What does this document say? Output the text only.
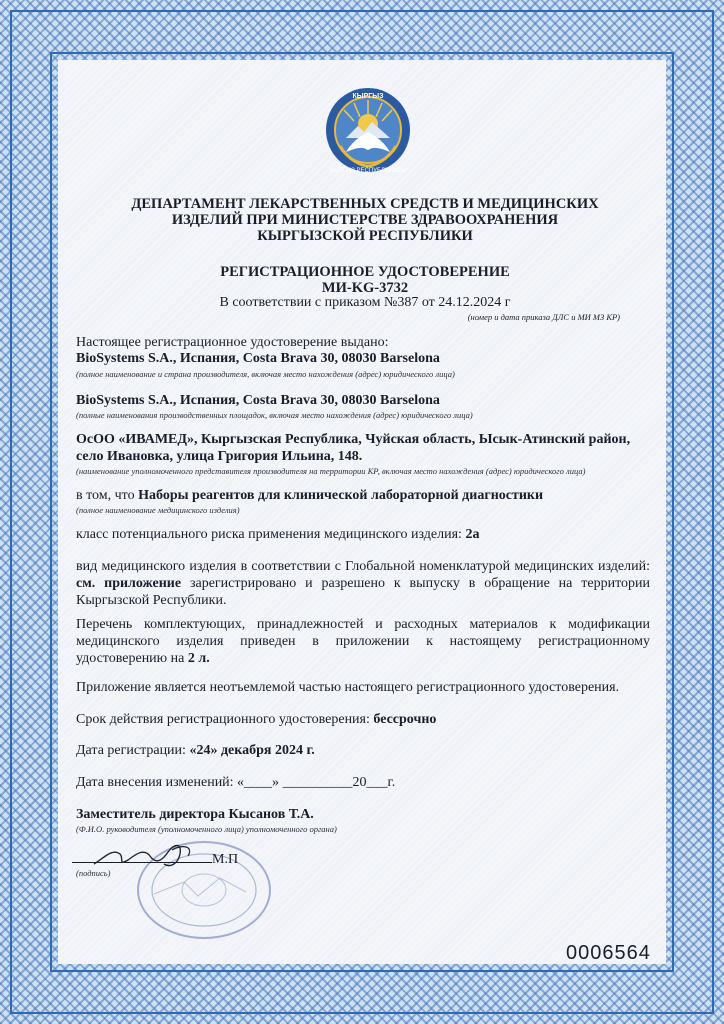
КЫРГЫЗ
КЫРГЫЗ РЕСПУБЛИКАСЫ
ДЕПАРТАМЕНТ ЛЕКАРСТВЕННЫХ СРЕДСТВ И МЕДИЦИНСКИХ
ИЗДЕЛИЙ ПРИ МИНИСТЕРСТВЕ ЗДРАВООХРАНЕНИЯ
КЫРГЫЗСКОЙ РЕСПУБЛИКИ
РЕГИСТРАЦИОННОЕ УДОСТОВЕРЕНИЕ
МИ-KG-3732
В соответствии с приказом №387 от 24.12.2024 г
(номер и дата приказа ДЛС и МИ МЗ КР)
Настоящее регистрационное удостоверение выдано:
BioSystems S.A., Испания, Costa Brava 30, 08030 Barselona
(полное наименование и страна производителя, включая место нахождения (адрес) юридического лица)
BioSystems S.A., Испания, Costa Brava 30, 08030 Barselona
(полные наименования производственных площадок, включая место нахождения (адрес) юридического лица)
ОсОО «ИВАМЕД», Кыргызская Республика, Чуйская область, Ысык-Атинский район,
село Ивановка, улица Григория Ильина, 148.
(наименование уполномоченного представителя производителя на территории КР, включая место нахождения (адрес) юридического лица)
в том, что Наборы реагентов для клинической лабораторной диагностики
(полное наименование медицинского изделия)
класс потенциального риска применения медицинского изделия: 2а
вид медицинского изделия в соответствии с Глобальной номенклатурой медицинских изделий: см. приложение зарегистрировано и разрешено к выпуску в обращение на территории Кыргызской Республики.
Перечень комплектующих, принадлежностей и расходных материалов к модификации медицинского изделия приведен в приложении к настоящему регистрационному удостоверению на 2 л.
Приложение является неотъемлемой частью настоящего регистрационного удостоверения.
Срок действия регистрационного удостоверения: бессрочно
Дата регистрации: «24» декабря 2024 г.
Дата внесения изменений: «____» __________20___г.
Заместитель директора Кысанов Т.А.
(Ф.И.О. руководителя (уполномоченного лица) уполномоченного органа)
М.П
(подпись)
0006564
